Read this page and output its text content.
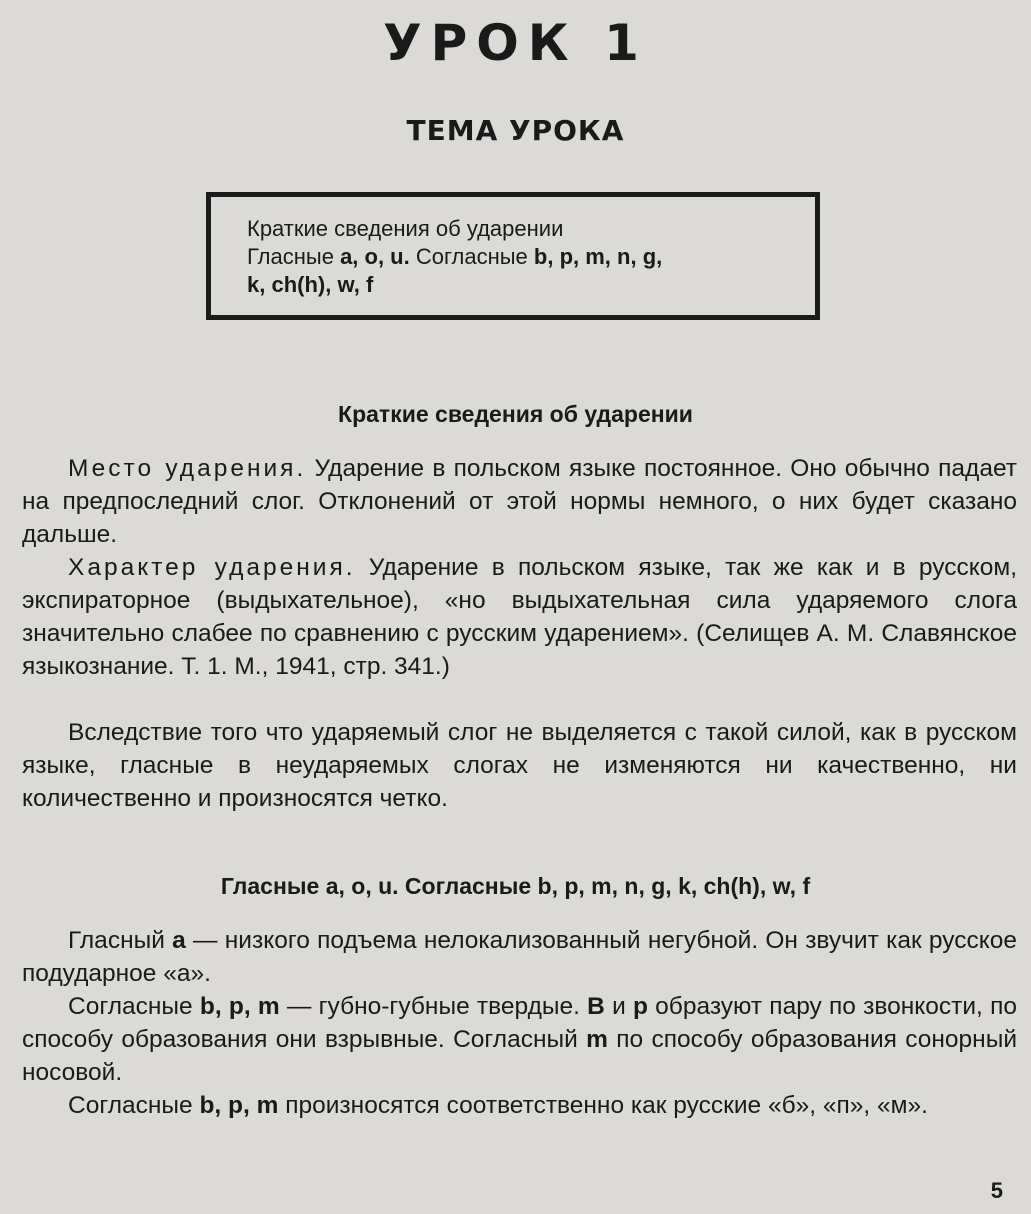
УРОК 1
ТЕМА УРОКА
Краткие сведения об ударении
Гласные a, o, u. Согласные b, p, m, n, g,
k, ch(h), w, f
Краткие сведения об ударении

Место ударения. Ударение в польском языке постоянное. Оно обычно падает на предпоследний слог. Отклонений от этой нормы немного, о них будет сказано дальше.

Характер ударения. Ударение в польском языке, так же как и в русском, экспираторное (выдыхательное), «но выдыхательная сила ударяемого слога значительно слабее по сравнению с русским ударением». (Селищев А. М. Славянское языкознание. Т. 1. М., 1941, стр. 341.)

Вследствие того что ударяемый слог не выделяется с такой силой, как в русском языке, гласные в неударяемых слогах не изменяются ни качественно, ни количественно и произносятся четко.

Гласные a, o, u. Согласные b, p, m, n, g, k, ch(h), w, f

Гласный a — низкого подъема нелокализованный негубной. Он звучит как русское подударное «а».

Согласные b, p, m — губно-губные твердые. B и p образуют пару по звонкости, по способу образования они взрывные. Согласный m по способу образования сонорный носовой.

Согласные b, p, m произносятся соответственно как русские «б», «п», «м».

5
